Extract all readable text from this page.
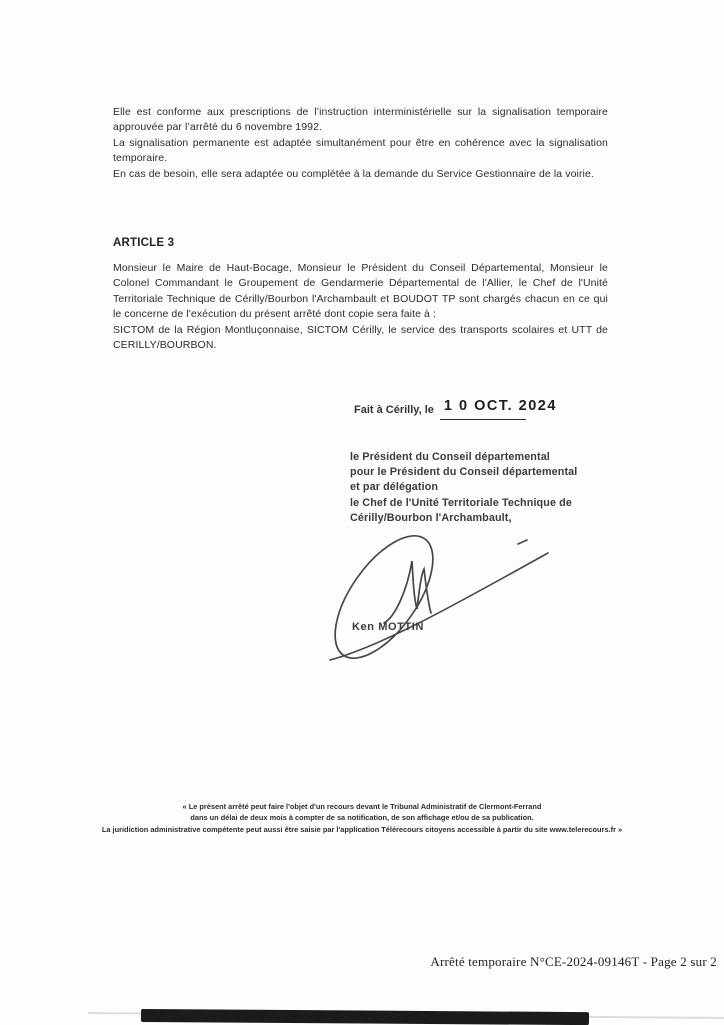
Elle est conforme aux prescriptions de l’instruction interministérielle sur la signalisation temporaire approuvée par l’arrêté du 6 novembre 1992.

La signalisation permanente est adaptée simultanément pour être en cohérence avec la signalisation temporaire.

En cas de besoin, elle sera adaptée ou complétée à la demande du Service Gestionnaire de la voirie.

ARTICLE 3

Monsieur le Maire de Haut-Bocage, Monsieur le Président du Conseil Départemental, Monsieur le Colonel Commandant le Groupement de Gendarmerie Départemental de l'Allier, le Chef de l'Unité Territoriale Technique de Cérilly/Bourbon l'Archambault et BOUDOT TP sont chargés chacun en ce qui le concerne de l'exécution du présent arrêté dont copie sera faite à :

SICTOM de la Région Montluçonnaise, SICTOM Cérilly, le service des transports scolaires et UTT de CERILLY/BOURBON.

Fait à Cérilly, le 1 0 OCT. 2024
le Président du Conseil départemental
pour le Président du Conseil départemental
et par délégation
le Chef de l'Unité Territoriale Technique de
Cérilly/Bourbon l'Archambault,
Ken MOTTIN
« Le présent arrêté peut faire l'objet d'un recours devant le Tribunal Administratif de Clermont-Ferrand
dans un délai de deux mois à compter de sa notification, de son affichage et/ou de sa publication.
La juridiction administrative compétente peut aussi être saisie par l'application Télérecours citoyens accessible à partir du site www.telerecours.fr »
Arrêté temporaire N°CE-2024-09146T - Page 2 sur 2
